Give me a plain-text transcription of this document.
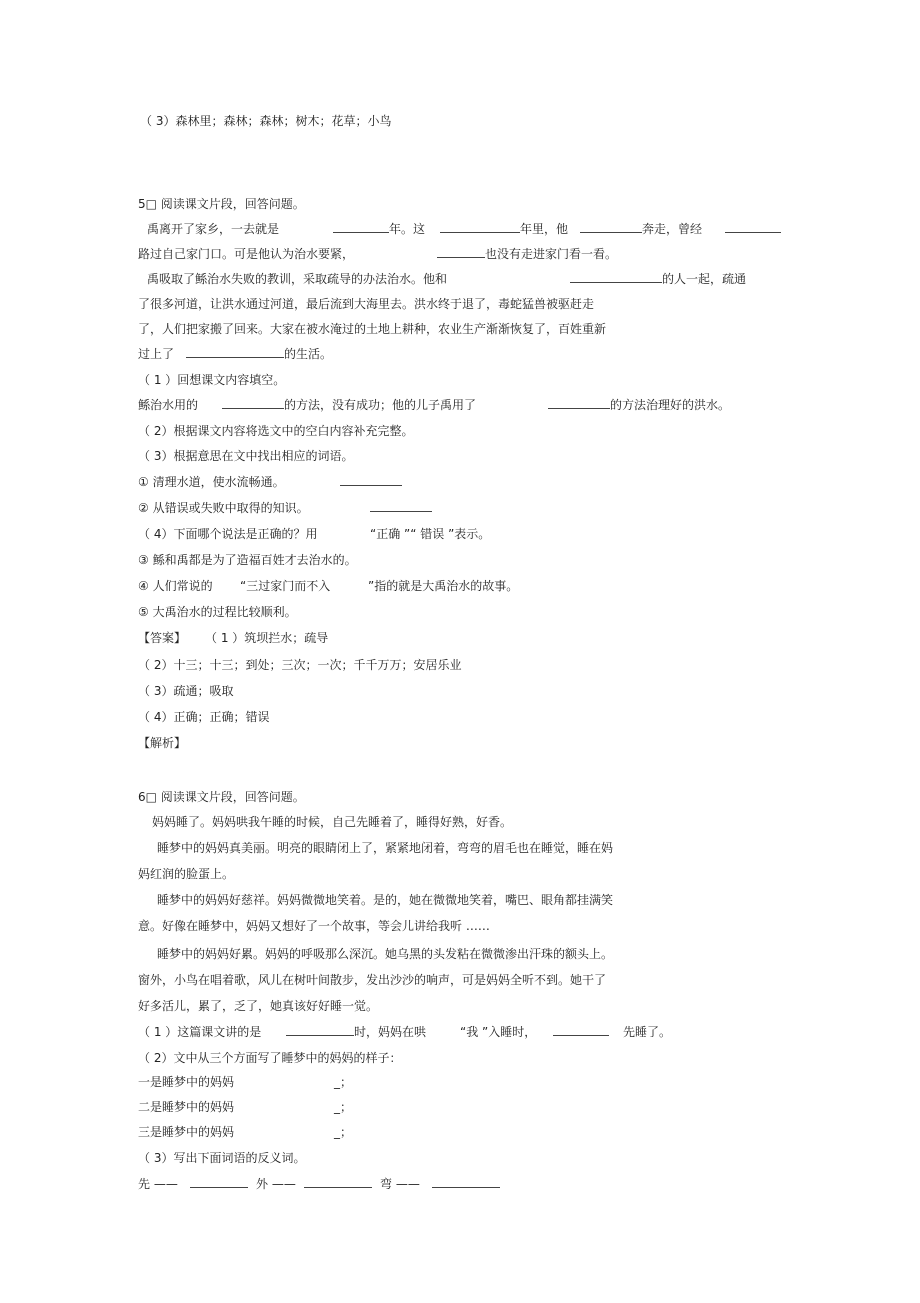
（ 3）森林里；森林；森林；树木；花草；小鸟
5□ 阅读课文片段，回答问题。
禹离开了家乡，一去就是	年。这	年里，他	奔走，曾经
路过自己家门口。可是他认为治水要紧，	也没有走进家门看一看。
禹吸取了鲧治水失败的教训，采取疏导的办法治水。他和	的人一起，疏通
了很多河道，让洪水通过河道，最后流到大海里去。洪水终于退了，毒蛇猛兽被驱赶走
了，人们把家搬了回来。大家在被水淹过的土地上耕种，农业生产渐渐恢复了，百姓重新
过上了	的生活。
（ 1 ）回想课文内容填空。
鲧治水用的	的方法，没有成功；他的儿子禹用了	的方法治理好的洪水。
（ 2）根据课文内容将选文中的空白内容补充完整。
（ 3）根据意思在文中找出相应的词语。
① 清理水道，使水流畅通。
② 从错误或失败中取得的知识。
（ 4）下面哪个说法是正确的？用	“正确 ”“ 错误 ”表示。
③ 鲧和禹都是为了造福百姓才去治水的。
④ 人们常说的 “三过家门而不入	”指的就是大禹治水的故事。
⑤ 大禹治水的过程比较顺利。
【答案】 （ 1 ）筑坝拦水；疏导
（ 2）十三；十三；到处；三次；一次；千千万万；安居乐业
（ 3）疏通；吸取
（ 4）正确；正确；错误
【解析】
6□ 阅读课文片段，回答问题。
妈妈睡了。妈妈哄我午睡的时候，自己先睡着了，睡得好熟，好香。
睡梦中的妈妈真美丽。明亮的眼睛闭上了，紧紧地闭着，弯弯的眉毛也在睡觉，睡在妈
妈红润的脸蛋上。
睡梦中的妈妈好慈祥。妈妈微微地笑着。是的，她在微微地笑着，嘴巴、眼角都挂满笑
意。好像在睡梦中，妈妈又想好了一个故事，等会儿讲给我听 ……
睡梦中的妈妈好累。妈妈的呼吸那么深沉。她乌黑的头发粘在微微渗出汗珠的额头上。
窗外，小鸟在唱着歌，风儿在树叶间散步，发出沙沙的响声，可是妈妈全听不到。她干了
好多活儿，累了，乏了，她真该好好睡一觉。
（ 1 ）这篇课文讲的是	时，妈妈在哄	“我 ”入睡时，	先睡了。
（ 2）文中从三个方面写了睡梦中的妈妈的样子：
一是睡梦中的妈妈	_；
二是睡梦中的妈妈	_；
三是睡梦中的妈妈	_；
（ 3）写出下面词语的反义词。
先 ——	外 ——	弯 ——
